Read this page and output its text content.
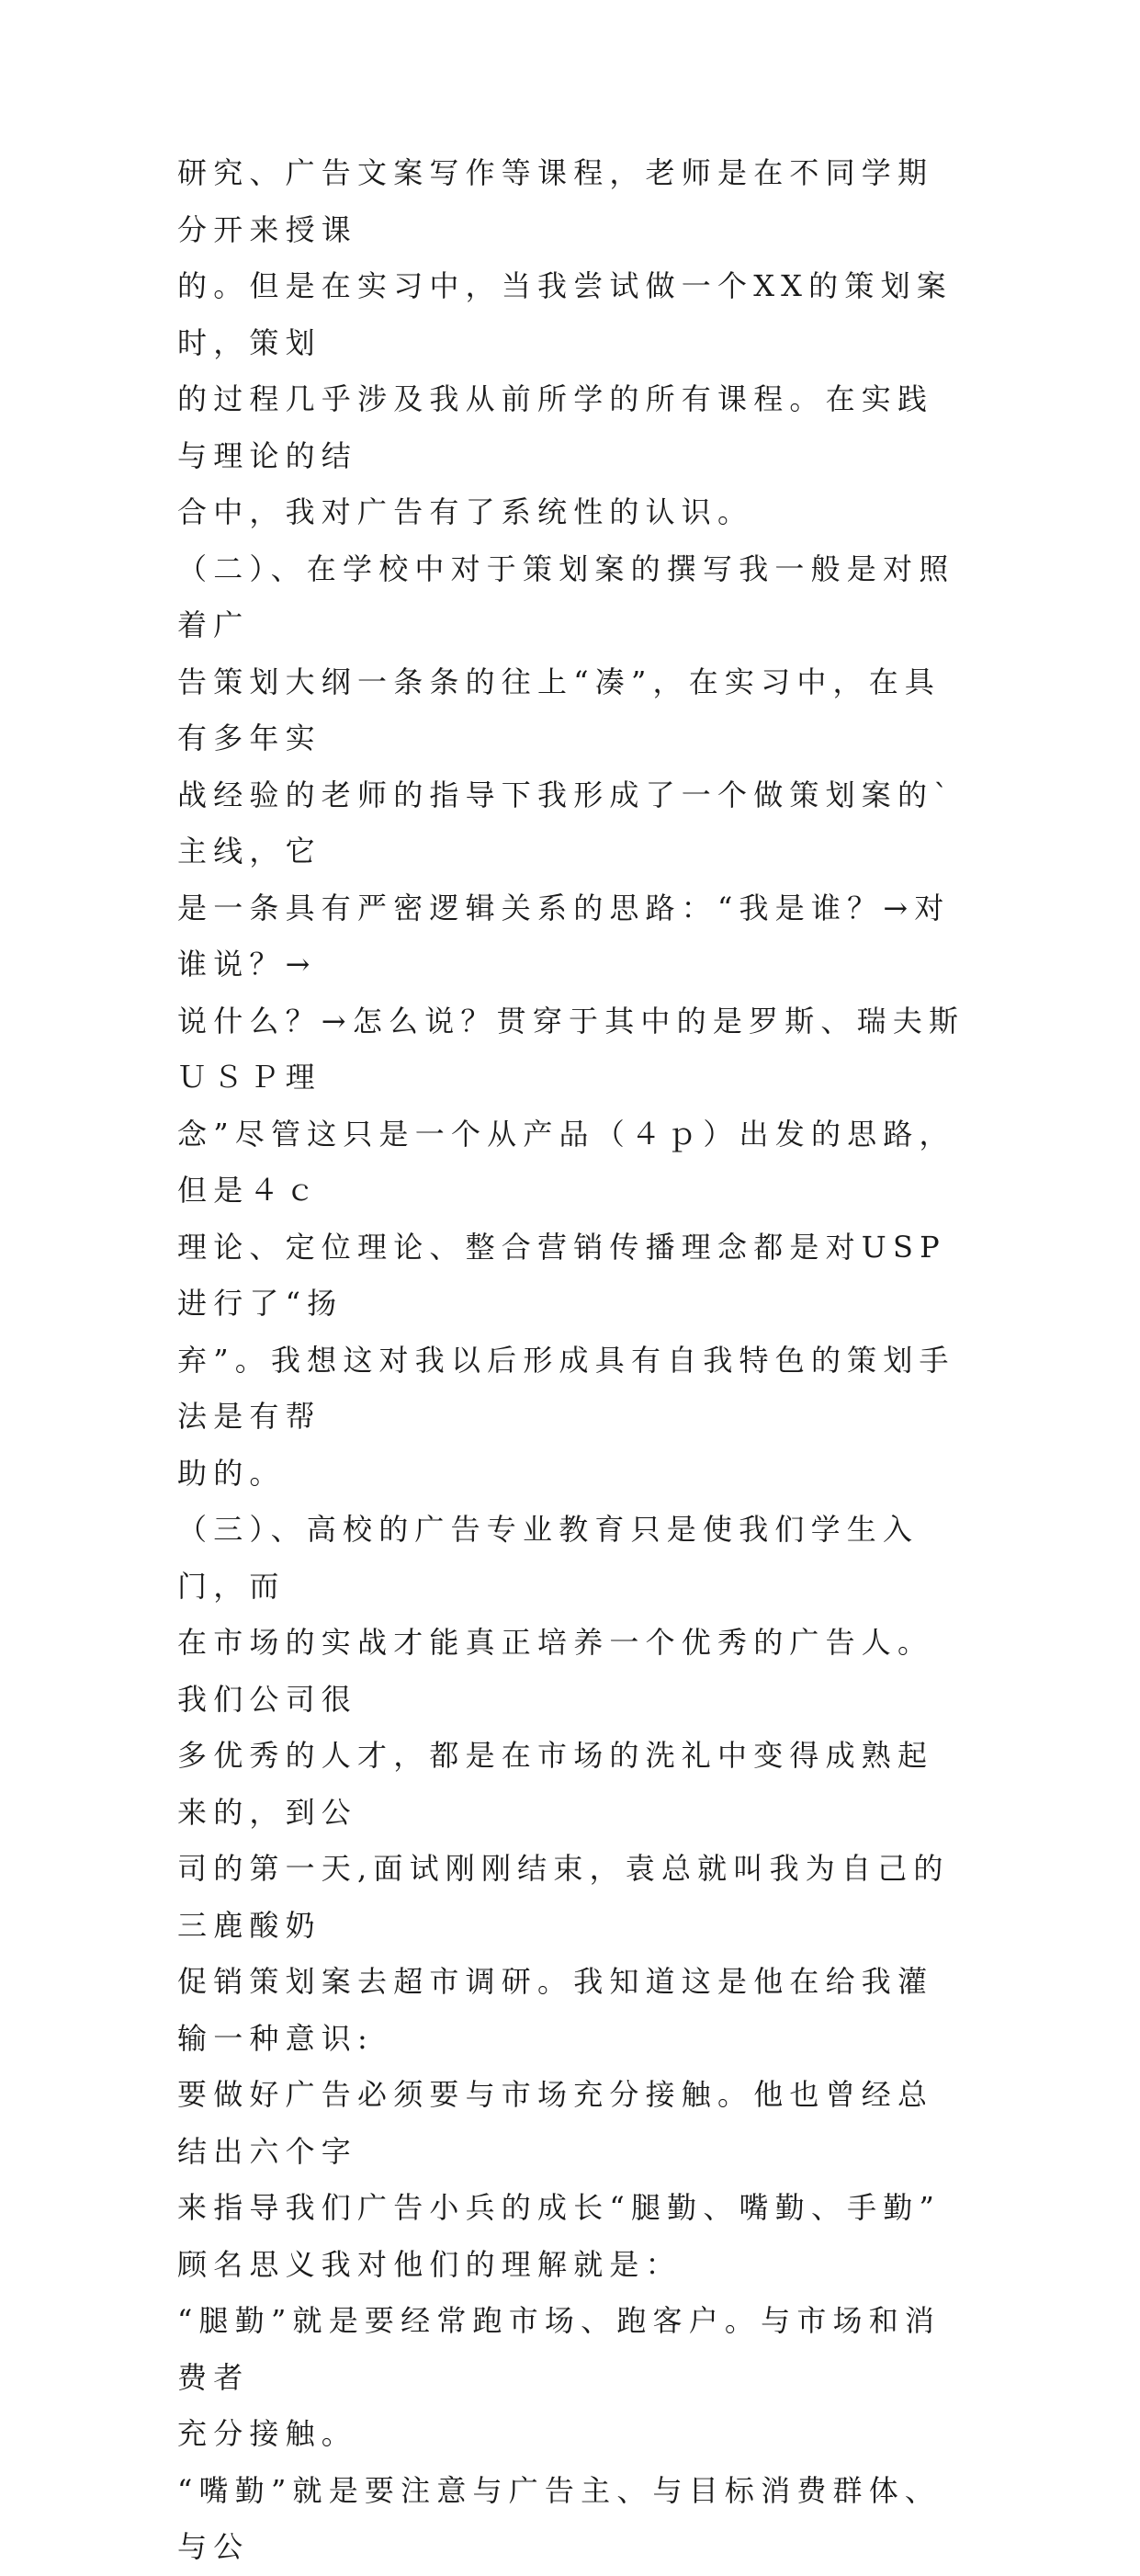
研究、广告文案写作等课程，老师是在不同学期分开来授课
的。但是在实习中，当我尝试做一个XX的策划案时，策划
的过程几乎涉及我从前所学的所有课程。在实践与理论的结
合中，我对广告有了系统性的认识。

（二）、在学校中对于策划案的撰写我一般是对照着广
告策划大纲一条条的往上“凑”，在实习中，在具有多年实
战经验的老师的指导下我形成了一个做策划案的`主线，它
是一条具有严密逻辑关系的思路：“我是谁？→对谁说？→
说什么？→怎么说？贯穿于其中的是罗斯、瑞夫斯ＵＳＰ理
念”尽管这只是一个从产品（４ｐ）出发的思路，但是４ｃ
理论、定位理论、整合营销传播理念都是对USP进行了“扬
弃”。我想这对我以后形成具有自我特色的策划手法是有帮
助的。

（三）、高校的广告专业教育只是使我们学生入门，而
在市场的实战才能真正培养一个优秀的广告人。我们公司很
多优秀的人才，都是在市场的洗礼中变得成熟起来的，到公
司的第一天,面试刚刚结束，袁总就叫我为自己的三鹿酸奶
促销策划案去超市调研。我知道这是他在给我灌输一种意识:
要做好广告必须要与市场充分接触。他也曾经总结出六个字
来指导我们广告小兵的成长“腿勤、嘴勤、手勤”

顾名思义我对他们的理解就是：

“腿勤”就是要经常跑市场、跑客户。与市场和消费者
充分接触。

“嘴勤”就是要注意与广告主、与目标消费群体、与公
